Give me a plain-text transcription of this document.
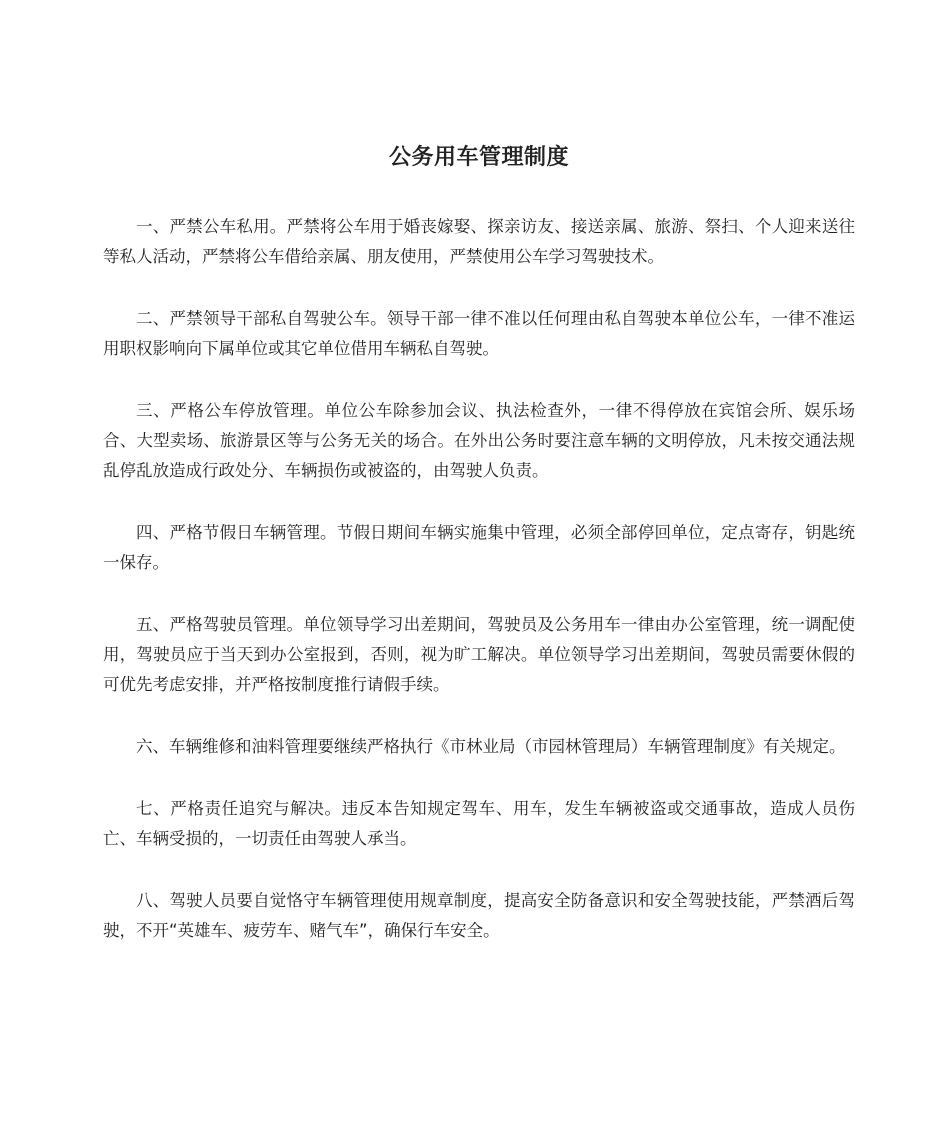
公务用车管理制度

一、严禁公车私用。严禁将公车用于婚丧嫁娶、探亲访友、接送亲属、旅游、祭扫、个人迎来送往等私人活动，严禁将公车借给亲属、朋友使用，严禁使用公车学习驾驶技术。

二、严禁领导干部私自驾驶公车。领导干部一律不准以任何理由私自驾驶本单位公车，一律不准运用职权影响向下属单位或其它单位借用车辆私自驾驶。

三、严格公车停放管理。单位公车除参加会议、执法检查外，一律不得停放在宾馆会所、娱乐场合、大型卖场、旅游景区等与公务无关的场合。在外出公务时要注意车辆的文明停放，凡未按交通法规乱停乱放造成行政处分、车辆损伤或被盗的，由驾驶人负责。

四、严格节假日车辆管理。节假日期间车辆实施集中管理，必须全部停回单位，定点寄存，钥匙统一保存。

五、严格驾驶员管理。单位领导学习出差期间，驾驶员及公务用车一律由办公室管理，统一调配使用，驾驶员应于当天到办公室报到，否则，视为旷工解决。单位领导学习出差期间，驾驶员需要休假的可优先考虑安排，并严格按制度推行请假手续。

六、车辆维修和油料管理要继续严格执行《市林业局（市园林管理局）车辆管理制度》有关规定。

七、严格责任追究与解决。违反本告知规定驾车、用车，发生车辆被盗或交通事故，造成人员伤亡、车辆受损的，一切责任由驾驶人承当。

八、驾驶人员要自觉恪守车辆管理使用规章制度，提高安全防备意识和安全驾驶技能，严禁酒后驾驶，不开“英雄车、疲劳车、赌气车”，确保行车安全。
